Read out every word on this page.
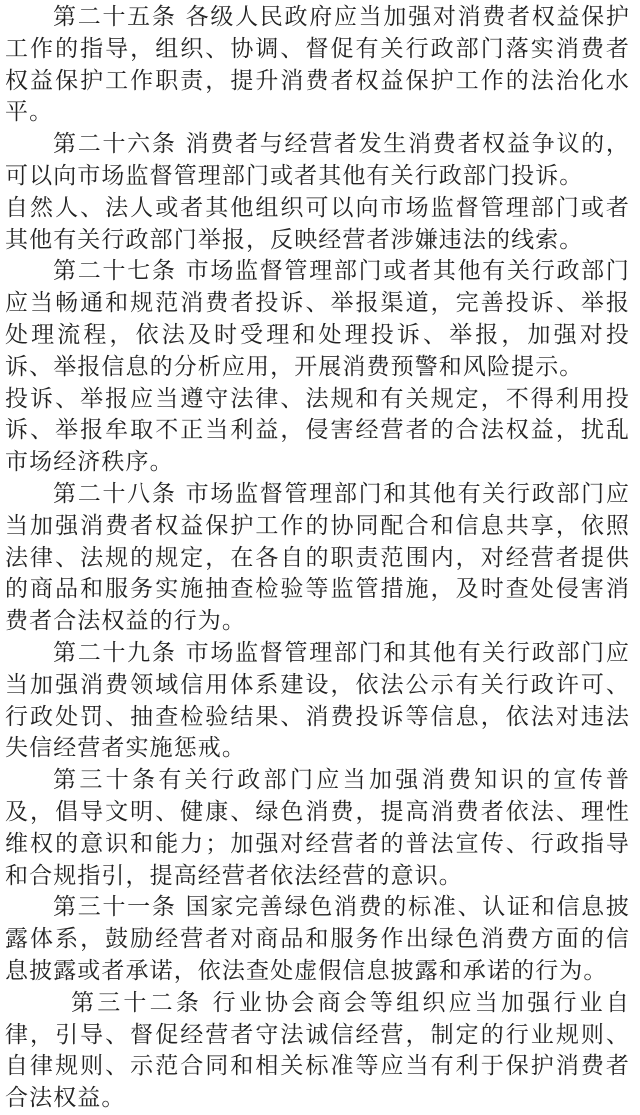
第二十五条 各级人民政府应当加强对消费者权益保护工作的指导，组织、协调、督促有关行政部门落实消费者权益保护工作职责，提升消费者权益保护工作的法治化水平。

第二十六条 消费者与经营者发生消费者权益争议的，可以向市场监督管理部门或者其他有关行政部门投诉。

自然人、法人或者其他组织可以向市场监督管理部门或者其他有关行政部门举报，反映经营者涉嫌违法的线索。

第二十七条 市场监督管理部门或者其他有关行政部门应当畅通和规范消费者投诉、举报渠道，完善投诉、举报处理流程，依法及时受理和处理投诉、举报，加强对投诉、举报信息的分析应用，开展消费预警和风险提示。

投诉、举报应当遵守法律、法规和有关规定，不得利用投诉、举报牟取不正当利益，侵害经营者的合法权益，扰乱市场经济秩序。

第二十八条 市场监督管理部门和其他有关行政部门应当加强消费者权益保护工作的协同配合和信息共享，依照法律、法规的规定，在各自的职责范围内，对经营者提供的商品和服务实施抽查检验等监管措施，及时查处侵害消费者合法权益的行为。

第二十九条 市场监督管理部门和其他有关行政部门应当加强消费领域信用体系建设，依法公示有关行政许可、行政处罚、抽查检验结果、消费投诉等信息，依法对违法失信经营者实施惩戒。

第三十条有关行政部门应当加强消费知识的宣传普及，倡导文明、健康、绿色消费，提高消费者依法、理性维权的意识和能力；加强对经营者的普法宣传、行政指导和合规指引，提高经营者依法经营的意识。

第三十一条 国家完善绿色消费的标准、认证和信息披露体系，鼓励经营者对商品和服务作出绿色消费方面的信息披露或者承诺，依法查处虚假信息披露和承诺的行为。

第三十二条 行业协会商会等组织应当加强行业自律，引导、督促经营者守法诚信经营，制定的行业规则、自律规则、示范合同和相关标准等应当有利于保护消费者合法权益。
